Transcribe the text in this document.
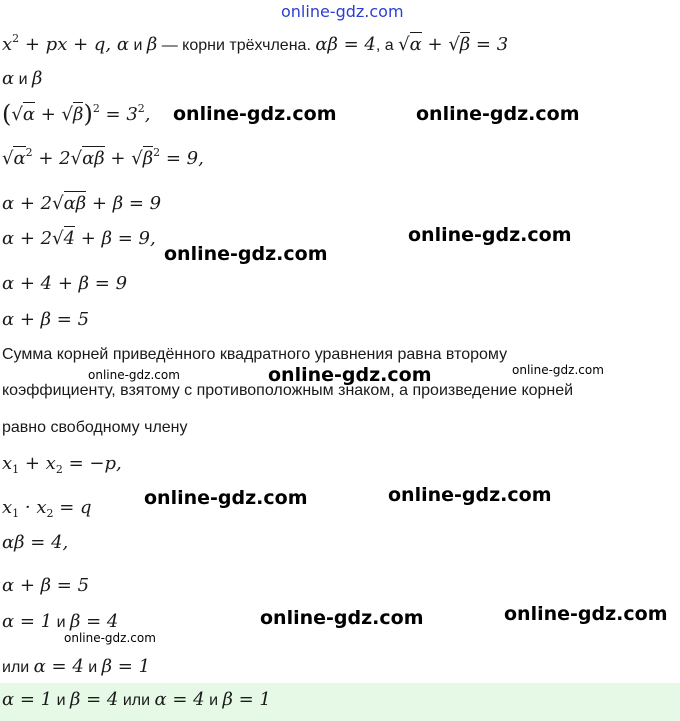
online-gdz.com
$x^2$ + px + q, α и β — корни трёхчлена. αβ = 4, а √α + √β = 3
α и β
$(√\alpha + √\beta)^2 = 3^2$,
$√\alpha^2 + 2√\alpha\beta + √\beta^2 = 9$,
α + 2√αβ + β = 9
α + 2√4 + β = 9,
α + 4 + β = 9
α + β = 5
Сумма корней приведённого квадратного уравнения равна второму
коэффициенту, взятому с противоположным знаком, а произведение корней
равно свободному члену
$x_1 + x_2 = -p$,
$x_1 \cdot x_2 = q$
αβ = 4,
α + β = 5
α = 1 и β = 4
или α = 4 и β = 1
α = 1 и β = 4 или α = 4 и β = 1
online-gdz.com	online-gdz.com
online-gdz.com
online-gdz.com
online-gdz.com
online-gdz.com	online-gdz.com
online-gdz.com	online-gdz.com
online-gdz.com	online-gdz.com
online-gdz.com
